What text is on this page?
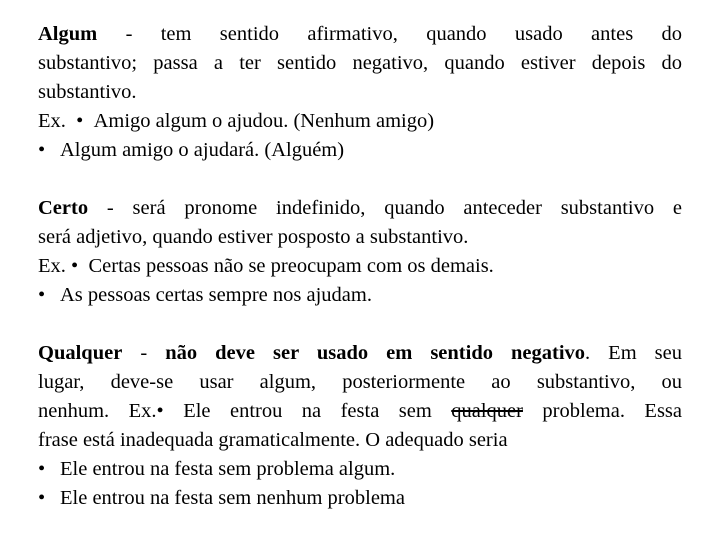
Algum - tem sentido afirmativo, quando usado antes do
substantivo; passa a ter sentido negativo, quando estiver depois do
substantivo.
Ex. • Amigo algum o ajudou. (Nenhum amigo)
• Algum amigo o ajudará. (Alguém)
Certo - será pronome indefinido, quando anteceder substantivo e
será adjetivo, quando estiver posposto a substantivo.
Ex. • Certas pessoas não se preocupam com os demais.
• As pessoas certas sempre nos ajudam.
Qualquer - não deve ser usado em sentido negativo. Em seu
lugar, deve-se usar algum, posteriormente ao substantivo, ou
nenhum. Ex.• Ele entrou na festa sem qualquer problema. Essa
frase está inadequada gramaticalmente. O adequado seria
• Ele entrou na festa sem problema algum.
• Ele entrou na festa sem nenhum problema
